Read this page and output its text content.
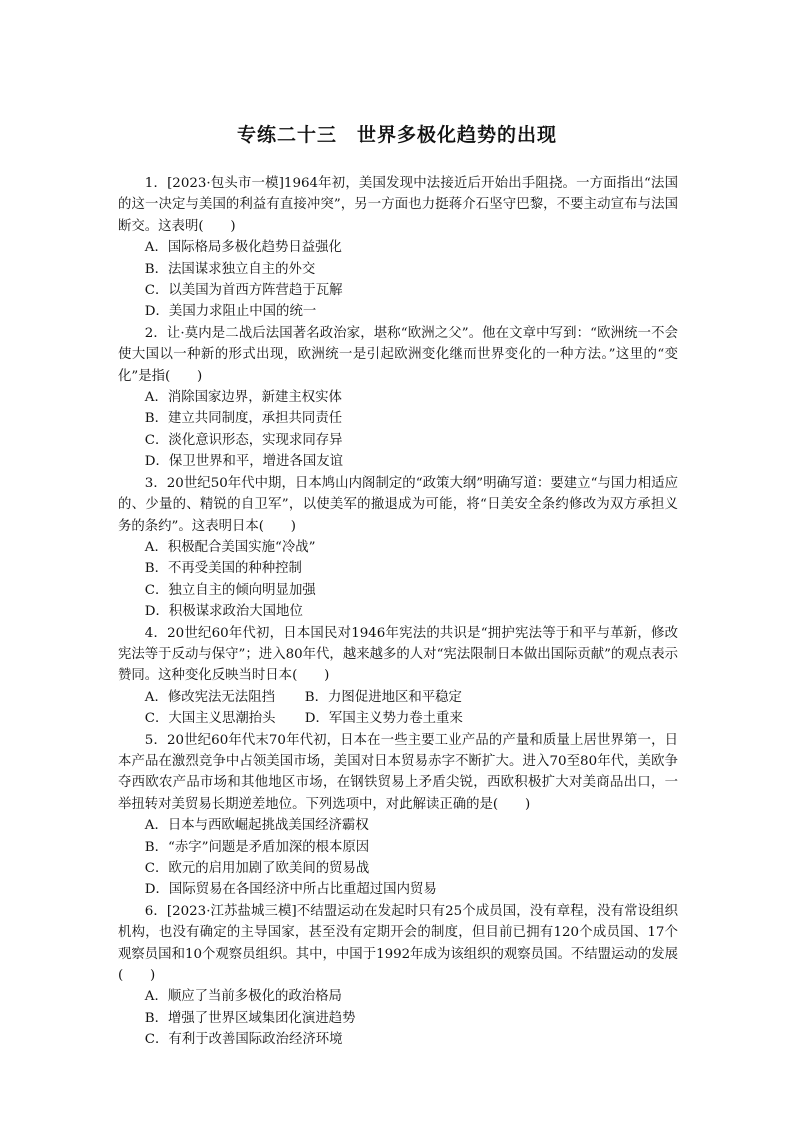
专练二十三　世界多极化趋势的出现

1．[2023·包头市一模]1964年初，美国发现中法接近后开始出手阻挠。一方面指出“法国的这一决定与美国的利益有直接冲突”，另一方面也力挺蒋介石坚守巴黎，不要主动宣布与法国断交。这表明(　　)

A．国际格局多极化趋势日益强化

B．法国谋求独立自主的外交

C．以美国为首西方阵营趋于瓦解

D．美国力求阻止中国的统一

2．让·莫内是二战后法国著名政治家，堪称“欧洲之父”。他在文章中写到：“欧洲统一不会使大国以一种新的形式出现，欧洲统一是引起欧洲变化继而世界变化的一种方法。”这里的“变化”是指(　　)

A．消除国家边界，新建主权实体

B．建立共同制度，承担共同责任

C．淡化意识形态，实现求同存异

D．保卫世界和平，增进各国友谊

3．20世纪50年代中期，日本鸠山内阁制定的“政策大纲”明确写道：要建立“与国力相适应的、少量的、精锐的自卫军”，以使美军的撤退成为可能，将“日美安全条约修改为双方承担义务的条约”。这表明日本(　　)

A．积极配合美国实施“冷战”

B．不再受美国的种种控制

C．独立自主的倾向明显加强

D．积极谋求政治大国地位

4．20世纪60年代初，日本国民对1946年宪法的共识是“拥护宪法等于和平与革新，修改宪法等于反动与保守”；进入80年代，越来越多的人对“宪法限制日本做出国际贡献”的观点表示赞同。这种变化反映当时日本(　　)

A．修改宪法无法阻挡	B．力图促进地区和平稳定
C．大国主义思潮抬头	D．军国主义势力卷土重来

5．20世纪60年代末70年代初，日本在一些主要工业产品的产量和质量上居世界第一，日本产品在激烈竞争中占领美国市场，美国对日本贸易赤字不断扩大。进入70至80年代，美欧争夺西欧农产品市场和其他地区市场，在钢铁贸易上矛盾尖锐，西欧积极扩大对美商品出口，一举扭转对美贸易长期逆差地位。下列选项中，对此解读正确的是(　　)

A．日本与西欧崛起挑战美国经济霸权

B．“赤字”问题是矛盾加深的根本原因

C．欧元的启用加剧了欧美间的贸易战

D．国际贸易在各国经济中所占比重超过国内贸易

6．[2023·江苏盐城三模]不结盟运动在发起时只有25个成员国，没有章程，没有常设组织机构，也没有确定的主导国家，甚至没有定期开会的制度，但目前已拥有120个成员国、17个观察员国和10个观察员组织。其中，中国于1992年成为该组织的观察员国。不结盟运动的发展(　　)

A．顺应了当前多极化的政治格局

B．增强了世界区域集团化演进趋势

C．有利于改善国际政治经济环境
